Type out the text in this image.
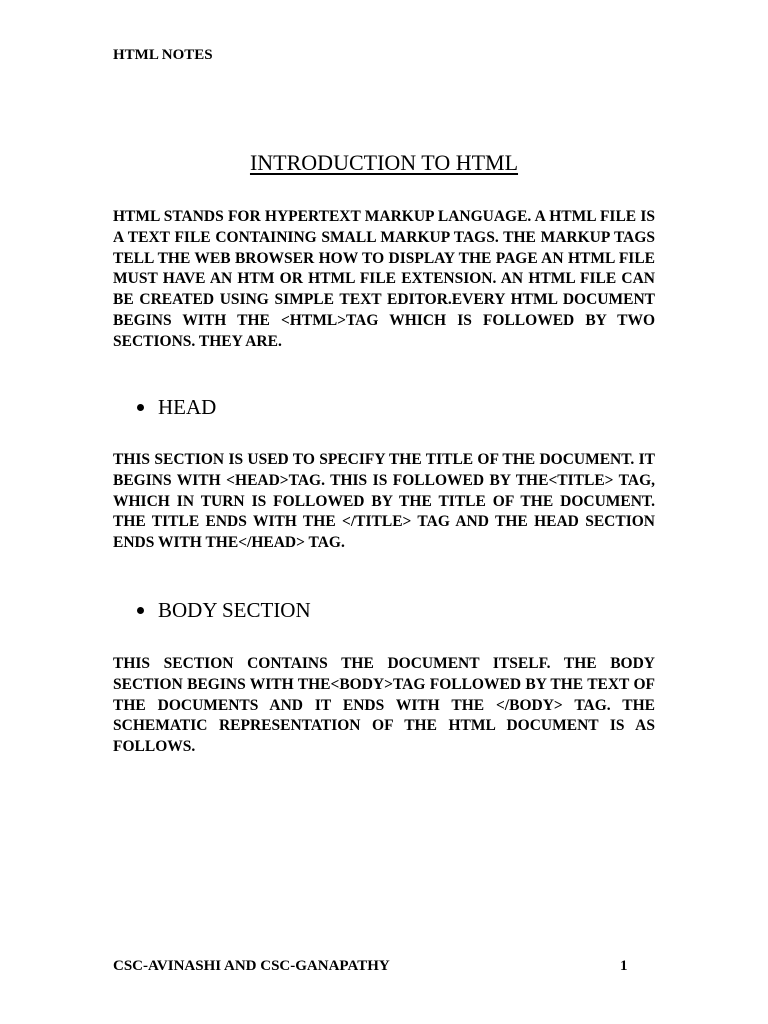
HTML NOTES
INTRODUCTION TO HTML

HTML STANDS FOR HYPERTEXT MARKUP LANGUAGE. A HTML FILE IS A TEXT FILE CONTAINING SMALL MARKUP TAGS. THE MARKUP TAGS TELL THE WEB BROWSER HOW TO DISPLAY THE PAGE AN HTML FILE MUST HAVE AN HTM OR HTML FILE EXTENSION. AN HTML FILE CAN BE CREATED USING SIMPLE TEXT EDITOR.EVERY HTML DOCUMENT BEGINS WITH THE <HTML>TAG WHICH IS FOLLOWED BY TWO SECTIONS. THEY ARE.

HEAD

THIS SECTION IS USED TO SPECIFY THE TITLE OF THE DOCUMENT. IT BEGINS WITH <HEAD>TAG. THIS IS FOLLOWED BY THE<TITLE> TAG, WHICH IN TURN IS FOLLOWED BY THE TITLE OF THE DOCUMENT. THE TITLE ENDS WITH THE </TITLE> TAG AND THE HEAD SECTION ENDS WITH THE</HEAD> TAG.

BODY SECTION

THIS SECTION CONTAINS THE DOCUMENT ITSELF. THE BODY SECTION BEGINS WITH THE<BODY>TAG FOLLOWED BY THE TEXT OF THE DOCUMENTS AND IT ENDS WITH THE </BODY> TAG. THE SCHEMATIC REPRESENTATION OF THE HTML DOCUMENT IS AS FOLLOWS.

CSC-AVINASHI AND CSC-GANAPATHY	1
